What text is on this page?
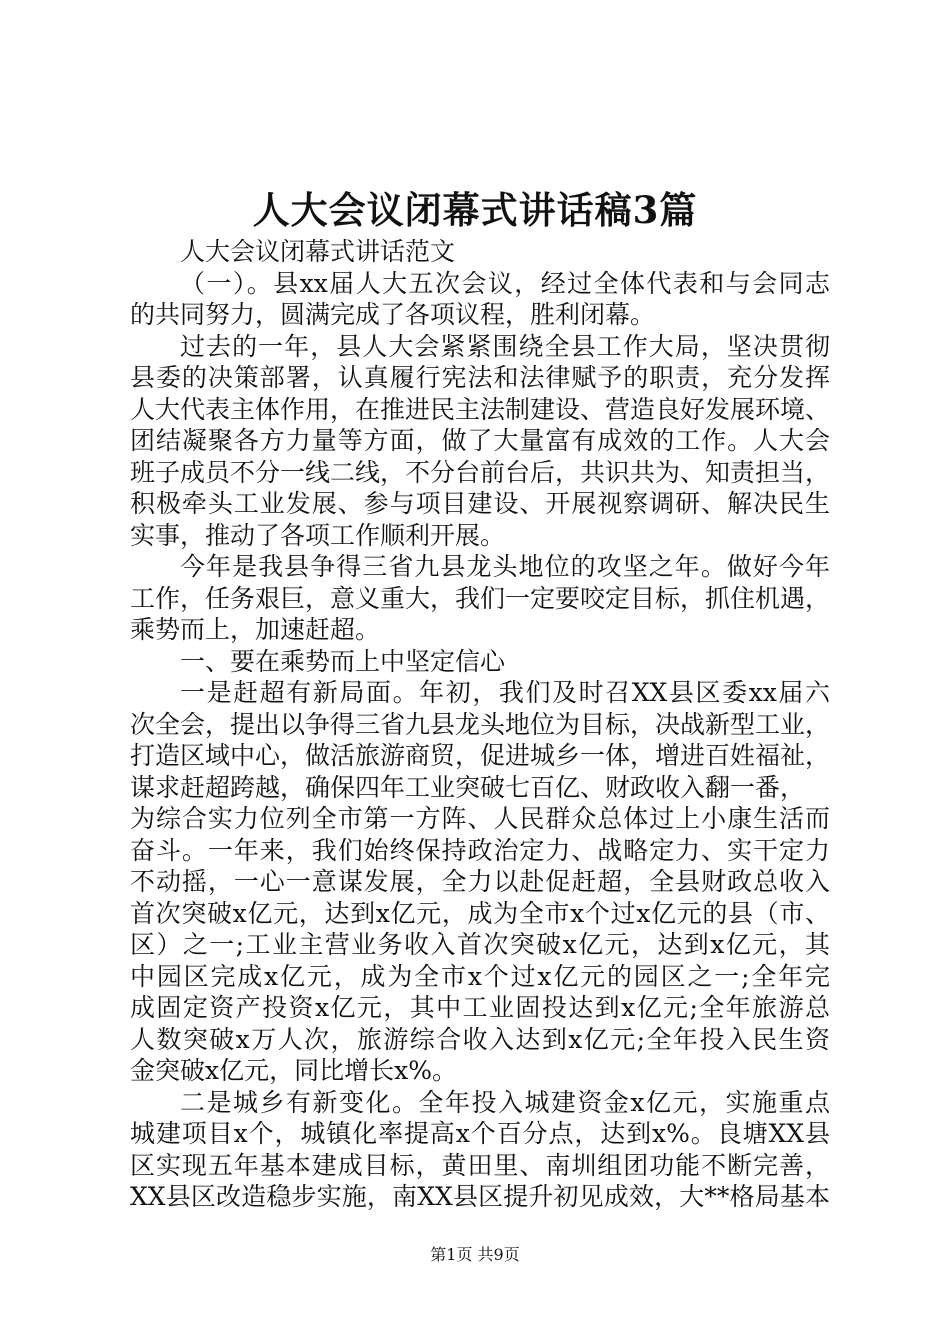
人大会议闭幕式讲话稿3篇
人大会议闭幕式讲话范文
（一）。县xx届人大五次会议，经过全体代表和与会同志
的共同努力，圆满完成了各项议程，胜利闭幕。
过去的一年，县人大会紧紧围绕全县工作大局，坚决贯彻
县委的决策部署，认真履行宪法和法律赋予的职责，充分发挥
人大代表主体作用，在推进民主法制建设、营造良好发展环境、
团结凝聚各方力量等方面，做了大量富有成效的工作。人大会
班子成员不分一线二线，不分台前台后，共识共为、知责担当，
积极牵头工业发展、参与项目建设、开展视察调研、解决民生
实事，推动了各项工作顺利开展。
今年是我县争得三省九县龙头地位的攻坚之年。做好今年
工作，任务艰巨，意义重大，我们一定要咬定目标，抓住机遇，
乘势而上，加速赶超。
一、要在乘势而上中坚定信心
一是赶超有新局面。年初，我们及时召XX县区委xx届六
次全会，提出以争得三省九县龙头地位为目标，决战新型工业，
打造区域中心，做活旅游商贸，促进城乡一体，增进百姓福祉，
谋求赶超跨越，确保四年工业突破七百亿、财政收入翻一番，
为综合实力位列全市第一方阵、人民群众总体过上小康生活而
奋斗。一年来，我们始终保持政治定力、战略定力、实干定力
不动摇，一心一意谋发展，全力以赴促赶超，全县财政总收入
首次突破x亿元，达到x亿元，成为全市x个过x亿元的县（市、
区）之一;工业主营业务收入首次突破x亿元，达到x亿元，其
中园区完成x亿元，成为全市x个过x亿元的园区之一;全年完
成固定资产投资x亿元，其中工业固投达到x亿元;全年旅游总
人数突破x万人次，旅游综合收入达到x亿元;全年投入民生资
金突破x亿元，同比增长x%。
二是城乡有新变化。全年投入城建资金x亿元，实施重点
城建项目x个，城镇化率提高x个百分点，达到x%。良塘XX县
区实现五年基本建成目标，黄田里、南圳组团功能不断完善，
XX县区改造稳步实施，南XX县区提升初见成效，大**格局基本
第1页 共9页
